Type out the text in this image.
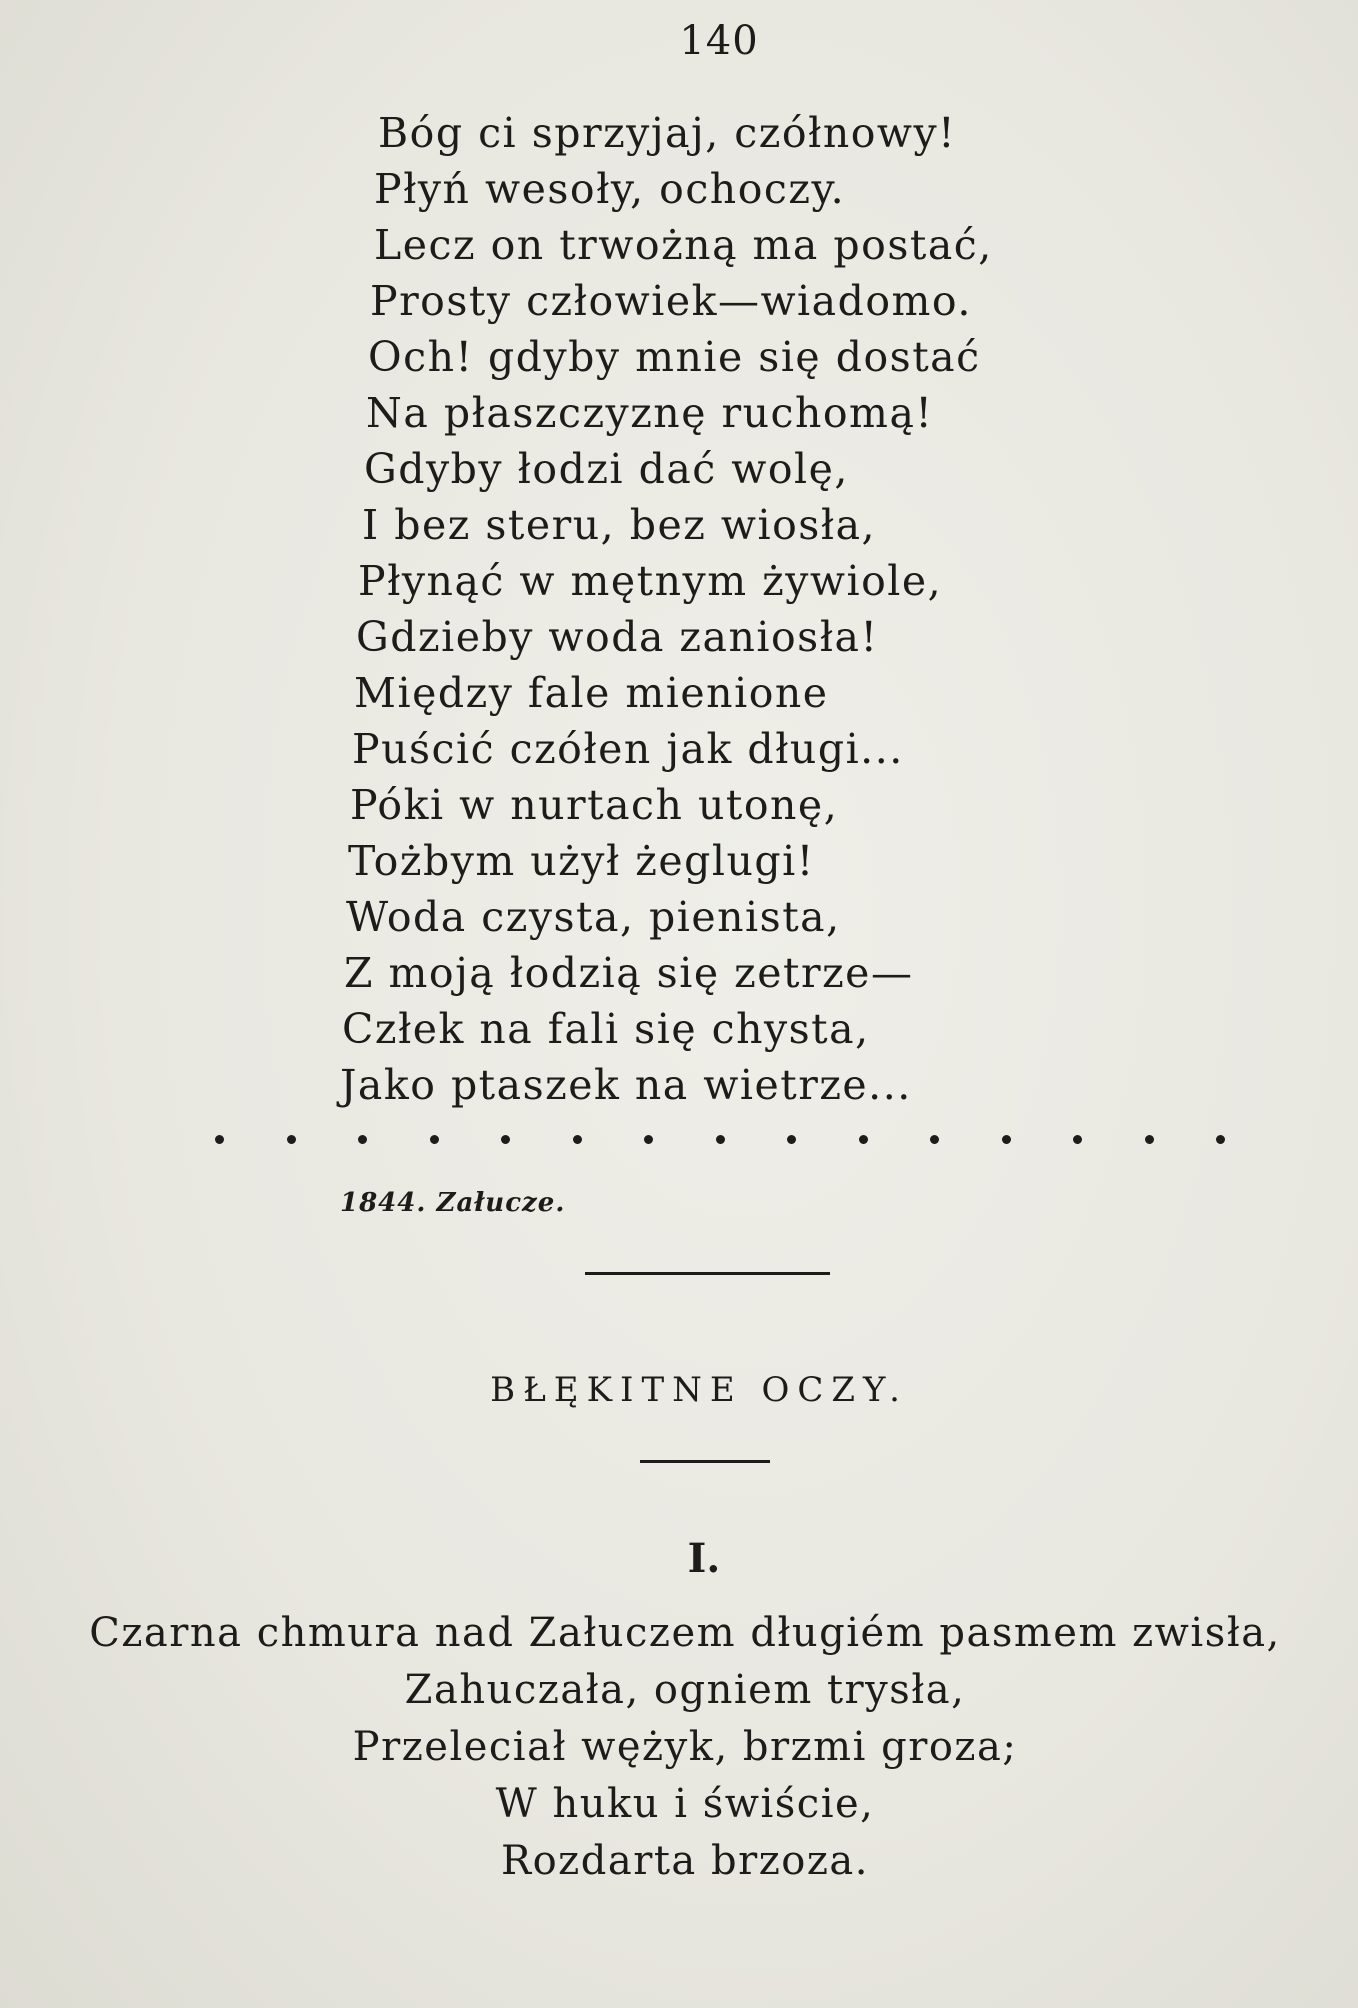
140
Bóg ci sprzyjaj, czółnowy!
Płyń wesoły, ochoczy.
Lecz on trwożną ma postać,
Prosty człowiek—wiadomo.
Och! gdyby mnie się dostać
Na płaszczyznę ruchomą!
Gdyby łodzi dać wolę,
I bez steru, bez wiosła,
Płynąć w mętnym żywiole,
Gdzieby woda zaniosła!
Między fale mienione
Puścić czółen jak długi...
Póki w nurtach utonę,
Tożbym użył żeglugi!
Woda czysta, pienista,
Z moją łodzią się zetrze—
Człek na fali się chysta,
Jako ptaszek na wietrze...
1844. Załucze.
BŁĘKITNE OCZY.
I.
Czarna chmura nad Załuczem długiém pasmem zwisła,
Zahuczała, ogniem trysła,
Przeleciał wężyk, brzmi groza;
W huku i świście,
Rozdarta brzoza.
